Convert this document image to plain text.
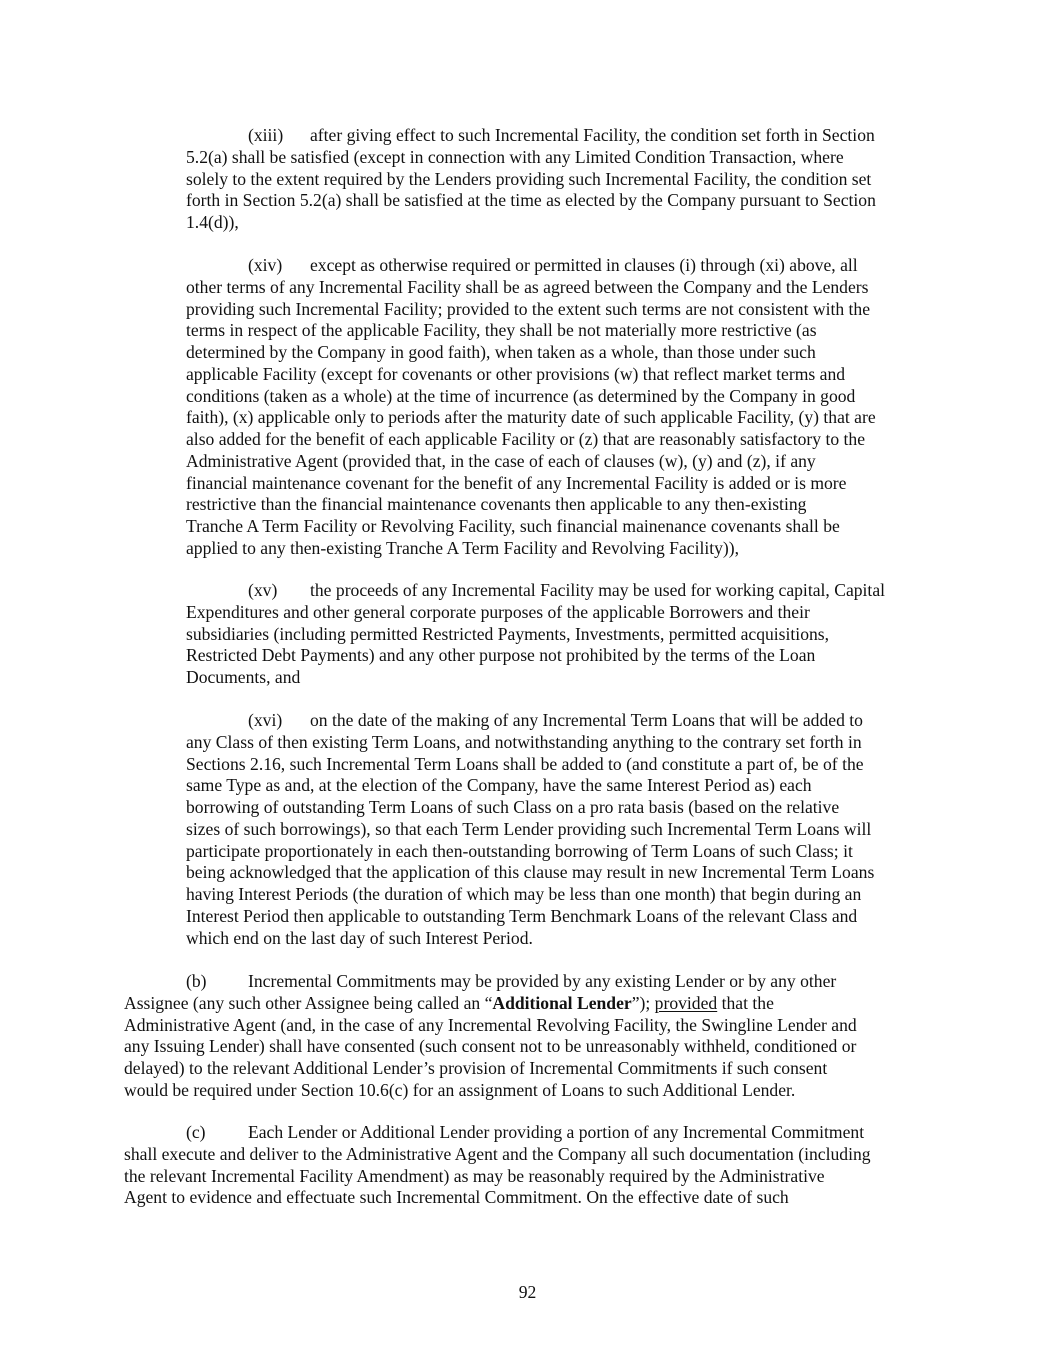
(xiii) after giving effect to such Incremental Facility, the condition set forth in Section
5.2(a) shall be satisfied (except in connection with any Limited Condition Transaction, where
solely to the extent required by the Lenders providing such Incremental Facility, the condition set
forth in Section 5.2(a) shall be satisfied at the time as elected by the Company pursuant to Section
1.4(d)),
(xiv) except as otherwise required or permitted in clauses (i) through (xi) above, all
other terms of any Incremental Facility shall be as agreed between the Company and the Lenders
providing such Incremental Facility; provided to the extent such terms are not consistent with the
terms in respect of the applicable Facility, they shall be not materially more restrictive (as
determined by the Company in good faith), when taken as a whole, than those under such
applicable Facility (except for covenants or other provisions (w) that reflect market terms and
conditions (taken as a whole) at the time of incurrence (as determined by the Company in good
faith), (x) applicable only to periods after the maturity date of such applicable Facility, (y) that are
also added for the benefit of each applicable Facility or (z) that are reasonably satisfactory to the
Administrative Agent (provided that, in the case of each of clauses (w), (y) and (z), if any
financial maintenance covenant for the benefit of any Incremental Facility is added or is more
restrictive than the financial maintenance covenants then applicable to any then-existing
Tranche A Term Facility or Revolving Facility, such financial mainenance covenants shall be
applied to any then-existing Tranche A Term Facility and Revolving Facility)),
(xv) the proceeds of any Incremental Facility may be used for working capital, Capital
Expenditures and other general corporate purposes of the applicable Borrowers and their
subsidiaries (including permitted Restricted Payments, Investments, permitted acquisitions,
Restricted Debt Payments) and any other purpose not prohibited by the terms of the Loan
Documents, and
(xvi) on the date of the making of any Incremental Term Loans that will be added to
any Class of then existing Term Loans, and notwithstanding anything to the contrary set forth in
Sections 2.16, such Incremental Term Loans shall be added to (and constitute a part of, be of the
same Type as and, at the election of the Company, have the same Interest Period as) each
borrowing of outstanding Term Loans of such Class on a pro rata basis (based on the relative
sizes of such borrowings), so that each Term Lender providing such Incremental Term Loans will
participate proportionately in each then-outstanding borrowing of Term Loans of such Class; it
being acknowledged that the application of this clause may result in new Incremental Term Loans
having Interest Periods (the duration of which may be less than one month) that begin during an
Interest Period then applicable to outstanding Term Benchmark Loans of the relevant Class and
which end on the last day of such Interest Period.
(b) Incremental Commitments may be provided by any existing Lender or by any other
Assignee (any such other Assignee being called an “Additional Lender”); provided that the
Administrative Agent (and, in the case of any Incremental Revolving Facility, the Swingline Lender and
any Issuing Lender) shall have consented (such consent not to be unreasonably withheld, conditioned or
delayed) to the relevant Additional Lender’s provision of Incremental Commitments if such consent
would be required under Section 10.6(c) for an assignment of Loans to such Additional Lender.
(c) Each Lender or Additional Lender providing a portion of any Incremental Commitment
shall execute and deliver to the Administrative Agent and the Company all such documentation (including
the relevant Incremental Facility Amendment) as may be reasonably required by the Administrative
Agent to evidence and effectuate such Incremental Commitment. On the effective date of such
92
